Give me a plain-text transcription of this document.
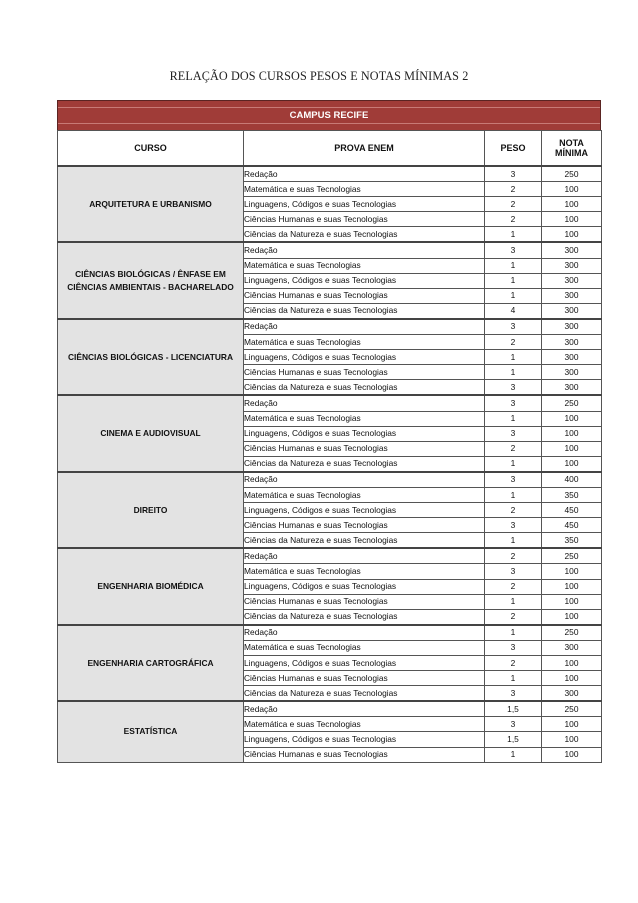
RELAÇÃO DOS CURSOS PESOS E NOTAS MÍNIMAS 2
CAMPUS RECIFE
CURSO	PROVA ENEM	PESO	NOTA
MÍNIMA
ARQUITETURA E URBANISMO	Redação	3	250
	Matemática e suas Tecnologias	2	100
	Linguagens, Códigos e suas Tecnologias	2	100
	Ciências Humanas e suas Tecnologias	2	100
	Ciências da Natureza e suas Tecnologias	1	100
CIÊNCIAS BIOLÓGICAS / ÊNFASE EM CIÊNCIAS AMBIENTAIS - BACHARELADO	Redação	3	300
	Matemática e suas Tecnologias	1	300
	Linguagens, Códigos e suas Tecnologias	1	300
	Ciências Humanas e suas Tecnologias	1	300
	Ciências da Natureza e suas Tecnologias	4	300
CIÊNCIAS BIOLÓGICAS - LICENCIATURA	Redação	3	300
	Matemática e suas Tecnologias	2	300
	Linguagens, Códigos e suas Tecnologias	1	300
	Ciências Humanas e suas Tecnologias	1	300
	Ciências da Natureza e suas Tecnologias	3	300
CINEMA E AUDIOVISUAL	Redação	3	250
	Matemática e suas Tecnologias	1	100
	Linguagens, Códigos e suas Tecnologias	3	100
	Ciências Humanas e suas Tecnologias	2	100
	Ciências da Natureza e suas Tecnologias	1	100
DIREITO	Redação	3	400
	Matemática e suas Tecnologias	1	350
	Linguagens, Códigos e suas Tecnologias	2	450
	Ciências Humanas e suas Tecnologias	3	450
	Ciências da Natureza e suas Tecnologias	1	350
ENGENHARIA BIOMÉDICA	Redação	2	250
	Matemática e suas Tecnologias	3	100
	Linguagens, Códigos e suas Tecnologias	2	100
	Ciências Humanas e suas Tecnologias	1	100
	Ciências da Natureza e suas Tecnologias	2	100
ENGENHARIA CARTOGRÁFICA	Redação	1	250
	Matemática e suas Tecnologias	3	300
	Linguagens, Códigos e suas Tecnologias	2	100
	Ciências Humanas e suas Tecnologias	1	100
	Ciências da Natureza e suas Tecnologias	3	300
ESTATÍSTICA	Redação	1,5	250
	Matemática e suas Tecnologias	3	100
	Linguagens, Códigos e suas Tecnologias	1,5	100
	Ciências Humanas e suas Tecnologias	1	100
